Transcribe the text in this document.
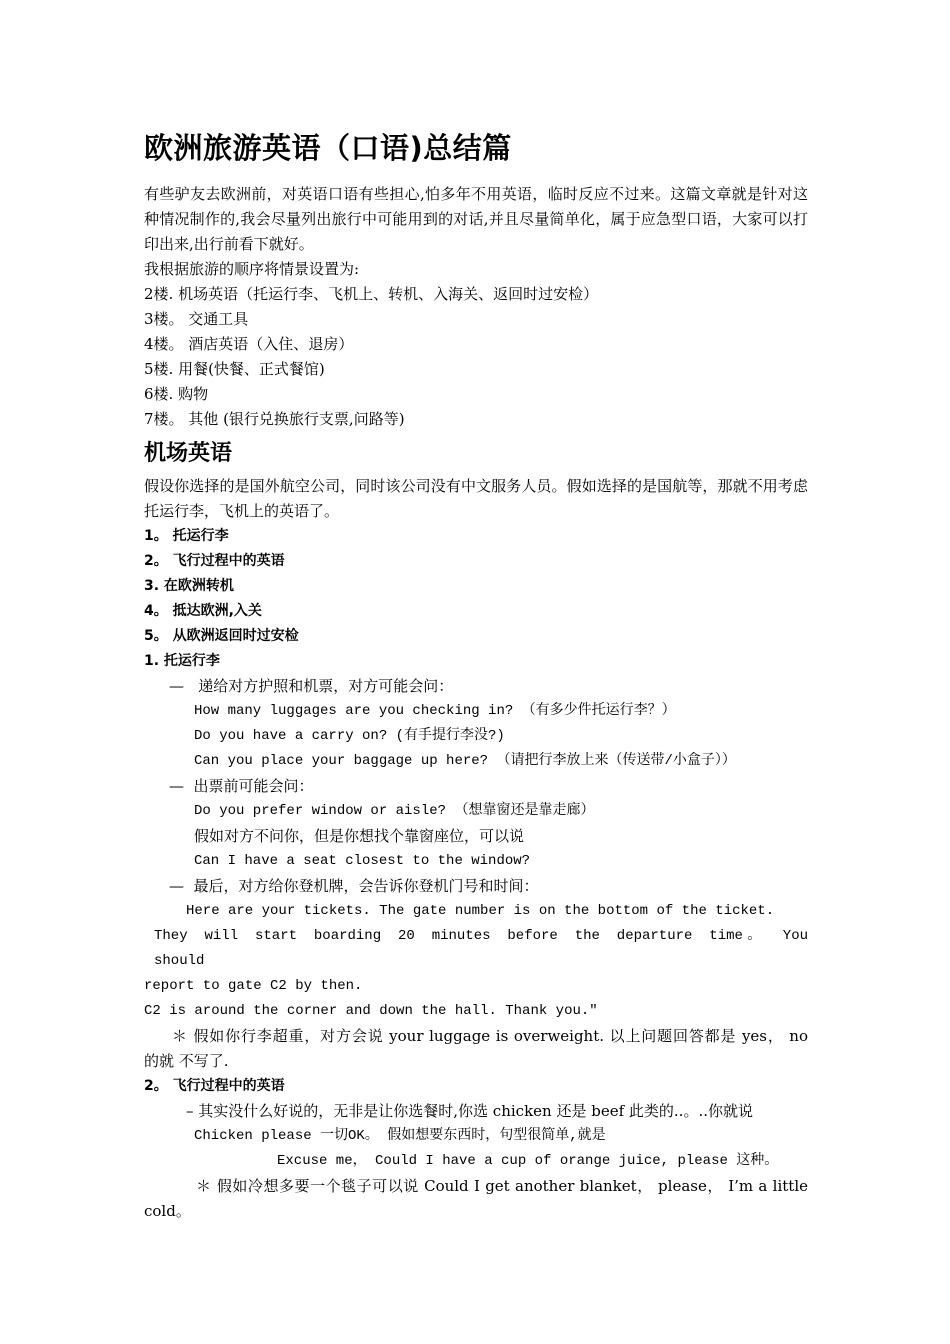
欧洲旅游英语（口语)总结篇

有些驴友去欧洲前，对英语口语有些担心,怕多年不用英语，临时反应不过来。这篇文章就是针对这种情况制作的,我会尽量列出旅行中可能用到的对话,并且尽量简单化，属于应急型口语，大家可以打印出来,出行前看下就好。

我根据旅游的顺序将情景设置为:

2楼. 机场英语（托运行李、飞机上、转机、入海关、返回时过安检）

3楼。 交通工具

4楼。 酒店英语（入住、退房）

5楼. 用餐(快餐、正式餐馆)

6楼. 购物

7楼。 其他 (银行兑换旅行支票,问路等)

机场英语

假设你选择的是国外航空公司，同时该公司没有中文服务人员。假如选择的是国航等，那就不用考虑托运行李，飞机上的英语了。

1。 托运行李

2。 飞行过程中的英语

3. 在欧洲转机

4。 抵达欧洲,入关

5。 从欧洲返回时过安检

1. 托运行李

—   递给对方护照和机票，对方可能会问：

How many luggages are you checking in? （有多少件托运行李？）

Do you have a carry on? (有手提行李没?)

Can you place your baggage up here? （请把行李放上来（传送带/小盒子））

—  出票前可能会问：

Do you prefer window or aisle? （想靠窗还是靠走廊）

假如对方不问你，但是你想找个靠窗座位，可以说

Can I have a seat closest to the window?

—  最后，对方给你登机牌，会告诉你登机门号和时间：

Here are your tickets. The gate number is on the bottom of the ticket.

They will start boarding 20 minutes before the departure time。 You should

report to gate C2 by then.

C2 is around the corner and down the hall. Thank you."

＊ 假如你行李超重，对方会说 your luggage is overweight. 以上问题回答都是 yes， no

的就 不写了.

2。 飞行过程中的英语

– 其实没什么好说的，无非是让你选餐时,你选 chicken 还是 beef 此类的..。..你就说

Chicken please 一切OK。 假如想要东西时，句型很简单,就是

Excuse me， Could I have a cup of orange juice, please 这种。

＊ 假如冷想多要一个毯子可以说 Could I get another blanket， please， I’m a little

cold。
